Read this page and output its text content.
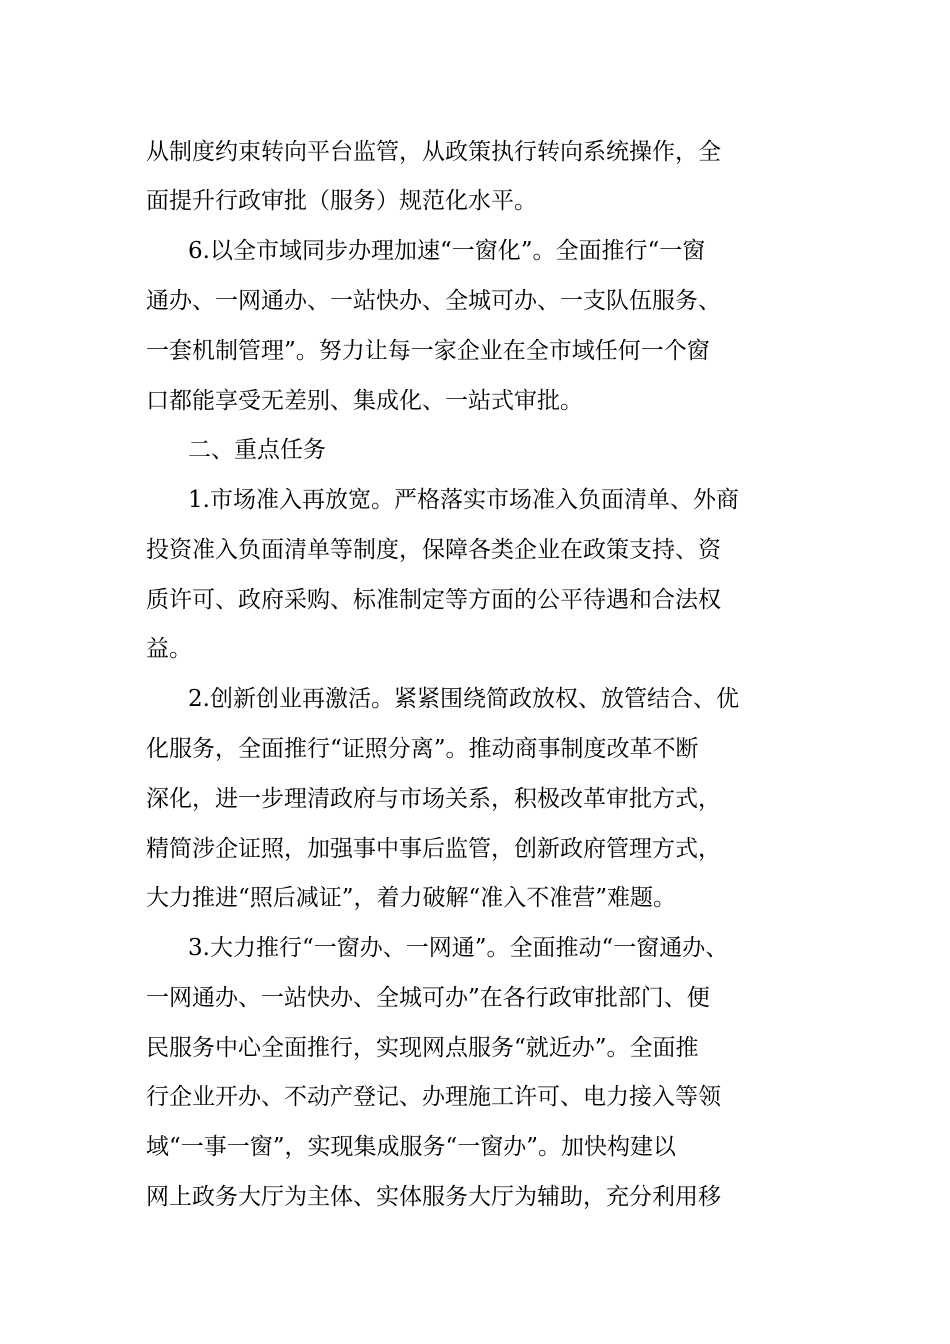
从制度约束转向平台监管，从政策执行转向系统操作，全
面提升行政审批（服务）规范化水平。
6.以全市域同步办理加速“一窗化”。全面推行“一窗
通办、一网通办、一站快办、全城可办、一支队伍服务、
一套机制管理”。努力让每一家企业在全市域任何一个窗
口都能享受无差别、集成化、一站式审批。
二、重点任务
1.市场准入再放宽。严格落实市场准入负面清单、外商
投资准入负面清单等制度，保障各类企业在政策支持、资
质许可、政府采购、标准制定等方面的公平待遇和合法权
益。
2.创新创业再激活。紧紧围绕简政放权、放管结合、优
化服务，全面推行“证照分离”。推动商事制度改革不断
深化，进一步理清政府与市场关系，积极改革审批方式，
精简涉企证照，加强事中事后监管，创新政府管理方式，
大力推进“照后减证”，着力破解“准入不准营”难题。
3.大力推行“一窗办、一网通”。全面推动“一窗通办、
一网通办、一站快办、全城可办”在各行政审批部门、便
民服务中心全面推行，实现网点服务“就近办”。全面推
行企业开办、不动产登记、办理施工许可、电力接入等领
域“一事一窗”，实现集成服务“一窗办”。加快构建以
网上政务大厅为主体、实体服务大厅为辅助，充分利用移
